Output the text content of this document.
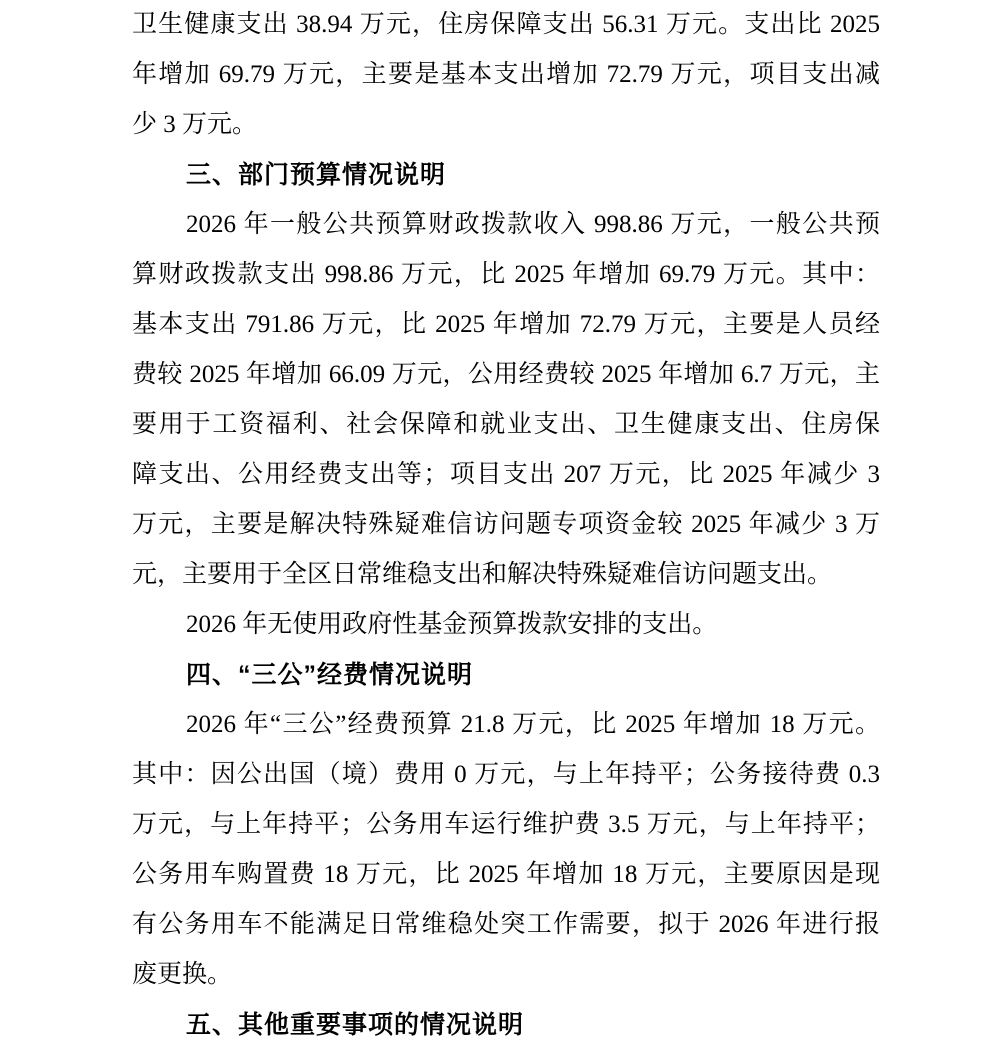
卫生健康支出 38.94 万元，住房保障支出 56.31 万元。支出比 2025
年增加 69.79 万元，主要是基本支出增加 72.79 万元，项目支出减
少 3 万元。
三、部门预算情况说明
2026 年一般公共预算财政拨款收入 998.86 万元，一般公共预
算财政拨款支出 998.86 万元，比 2025 年增加 69.79 万元。其中：
基本支出 791.86 万元，比 2025 年增加 72.79 万元，主要是人员经
费较 2025 年增加 66.09 万元，公用经费较 2025 年增加 6.7 万元，主
要用于工资福利、社会保障和就业支出、卫生健康支出、住房保
障支出、公用经费支出等；项目支出 207 万元，比 2025 年减少 3
万元，主要是解决特殊疑难信访问题专项资金较 2025 年减少 3 万
元，主要用于全区日常维稳支出和解决特殊疑难信访问题支出。
2026 年无使用政府性基金预算拨款安排的支出。
四、“三公”经费情况说明
2026 年“三公”经费预算 21.8 万元，比 2025 年增加 18 万元。
其中：因公出国（境）费用 0 万元，与上年持平；公务接待费 0.3
万元，与上年持平；公务用车运行维护费 3.5 万元，与上年持平；
公务用车购置费 18 万元，比 2025 年增加 18 万元，主要原因是现
有公务用车不能满足日常维稳处突工作需要，拟于 2026 年进行报
废更换。
五、其他重要事项的情况说明
